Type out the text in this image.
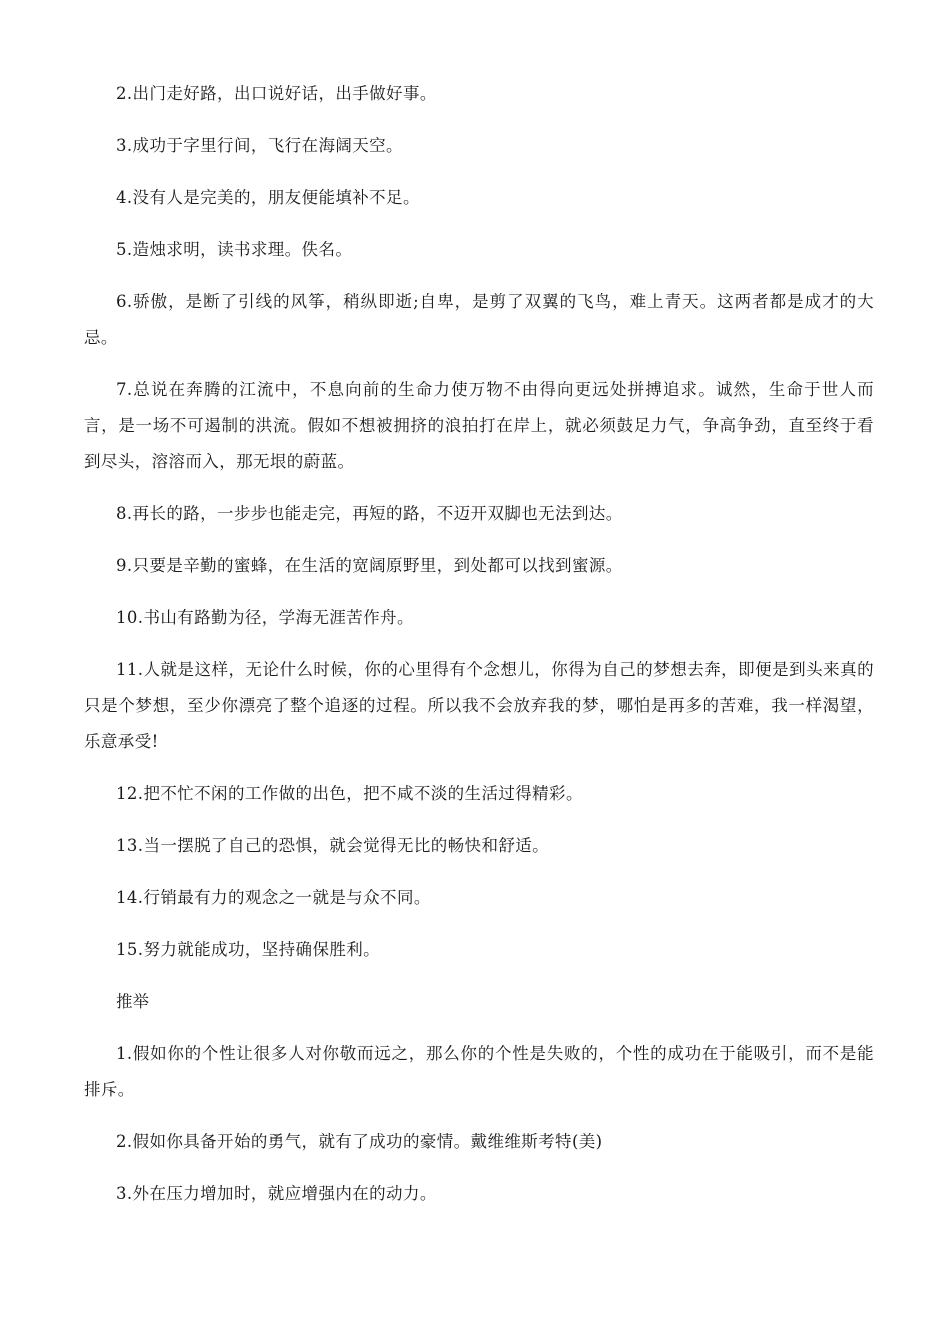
2.出门走好路，出口说好话，出手做好事。

3.成功于字里行间，飞行在海阔天空。

4.没有人是完美的，朋友便能填补不足。

5.造烛求明，读书求理。佚名。

6.骄傲，是断了引线的风筝，稍纵即逝;自卑，是剪了双翼的飞鸟，难上青天。这两者都是成才的大忌。

7.总说在奔腾的江流中，不息向前的生命力使万物不由得向更远处拼搏追求。诚然，生命于世人而言，是一场不可遏制的洪流。假如不想被拥挤的浪拍打在岸上，就必须鼓足力气，争高争劲，直至终于看到尽头，溶溶而入，那无垠的蔚蓝。

8.再长的路，一步步也能走完，再短的路，不迈开双脚也无法到达。

9.只要是辛勤的蜜蜂，在生活的宽阔原野里，到处都可以找到蜜源。

10.书山有路勤为径，学海无涯苦作舟。

11.人就是这样，无论什么时候，你的心里得有个念想儿，你得为自己的梦想去奔，即便是到头来真的只是个梦想，至少你漂亮了整个追逐的过程。所以我不会放弃我的梦，哪怕是再多的苦难，我一样渴望，乐意承受!

12.把不忙不闲的工作做的出色，把不咸不淡的生活过得精彩。

13.当一摆脱了自己的恐惧，就会觉得无比的畅快和舒适。

14.行销最有力的观念之一就是与众不同。

15.努力就能成功，坚持确保胜利。

推举

1.假如你的个性让很多人对你敬而远之，那么你的个性是失败的，个性的成功在于能吸引，而不是能排斥。

2.假如你具备开始的勇气，就有了成功的豪情。戴维维斯考特(美)

3.外在压力增加时，就应增强内在的动力。
